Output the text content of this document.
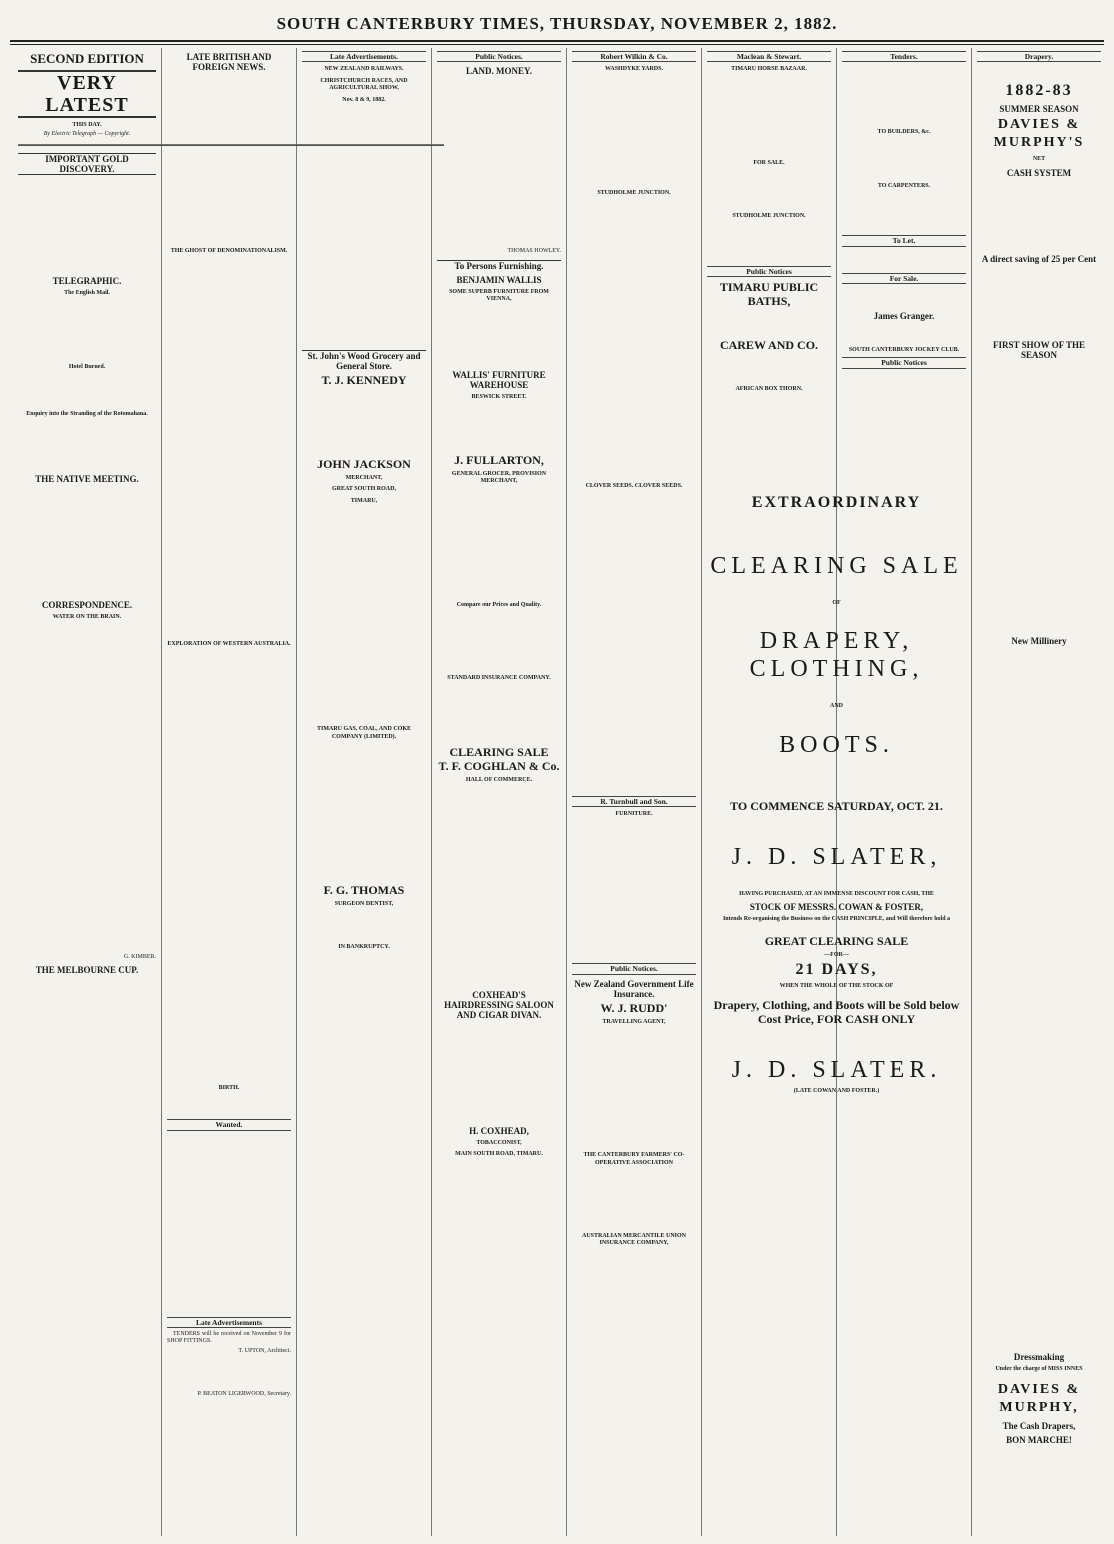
SOUTH CANTERBURY TIMES, THURSDAY, NOVEMBER 2, 1882.
SECOND EDITION
VERY LATEST
THIS DAY.
By Electric Telegraph — Copyright.
▬▬▬▬▬▬▬▬▬▬▬▬▬▬▬▬▬▬▬▬▬▬▬▬▬▬▬▬▬▬▬▬▬▬▬▬▬▬▬▬▬▬▬▬▬▬▬▬▬▬▬▬▬▬▬▬▬▬▬▬▬▬▬▬▬▬▬▬▬▬▬
IMPORTANT GOLD DISCOVERY.
TELEGRAPHIC.
The English Mail.
Hotel Burned.
Enquiry into the Stranding of the Rotomahana.
THE NATIVE MEETING.
CORRESPONDENCE.
WATER ON THE BRAIN.
G. KIMBER.
THE MELBOURNE CUP.
LATE BRITISH AND FOREIGN NEWS.
THE GHOST OF DENOMINATIONALISM.
EXPLORATION OF WESTERN AUSTRALIA.
BIRTH.
Wanted.
Late Advertisements

TENDERS will be received on November 9 for SHOP FITTINGS.

T. UPTON, Architect.
P. BEATON LIGERWOOD, Secretary.
Late Advertisements.
NEW ZEALAND RAILWAYS.
CHRISTCHURCH RACES, AND AGRICULTURAL SHOW,
Nov. 8 & 9, 1882.
St. John's Wood Grocery and General Store.
T. J. KENNEDY
JOHN JACKSON
MERCHANT,
GREAT SOUTH ROAD,
TIMARU,
TIMARU GAS, COAL, AND COKE COMPANY (LIMITED).
F. G. THOMAS
SURGEON DENTIST,
IN BANKRUPTCY.
Public Notices.
LAND. MONEY.
THOMAS HOWLEY.
To Persons Furnishing.
BENJAMIN WALLIS
SOME SUPERB FURNITURE FROM VIENNA,
WALLIS' FURNITURE WAREHOUSE
BESWICK STREET.
J. FULLARTON,
GENERAL GROCER, PROVISION MERCHANT,
Compare our Prices and Quality.
STANDARD INSURANCE COMPANY.
CLEARING SALE
T. F. COGHLAN & Co.
HALL OF COMMERCE.
COXHEAD'S HAIRDRESSING SALOON AND CIGAR DIVAN.
H. COXHEAD,
TOBACCONIST,
MAIN SOUTH ROAD, TIMARU.
Robert Wilkin & Co.
WASHDYKE YARDS.
STUDHOLME JUNCTION.
CLOVER SEEDS. CLOVER SEEDS.
R. Turnbull and Son.
FURNITURE.
Public Notices.
New Zealand Government Life Insurance.
W. J. RUDD'
TRAVELLING AGENT,
THE CANTERBURY FARMERS' CO-OPERATIVE ASSOCIATION
AUSTRALIAN MERCANTILE UNION INSURANCE COMPANY,
Maclean & Stewart.
TIMARU HORSE BAZAAR.
FOR SALE.
STUDHOLME JUNCTION.
Public Notices
TIMARU PUBLIC BATHS,
CAREW AND CO.
AFRICAN BOX THORN.
Tenders.
TO BUILDERS, &c.
TO CARPENTERS.
To Let.
For Sale.
James Granger.
SOUTH CANTERBURY JOCKEY CLUB.
Public Notices
EXTRAORDINARY
CLEARING SALE
OF
DRAPERY, CLOTHING,
AND
BOOTS.
TO COMMENCE SATURDAY, OCT. 21.
J. D. SLATER,
HAVING PURCHASED, AT AN IMMENSE DISCOUNT FOR CASH, THE
STOCK OF MESSRS. COWAN & FOSTER,
Intends Re-organising the Business on the CASH PRINCIPLE, and Will therefore hold a
GREAT CLEARING SALE
—FOR—
21 DAYS,
WHEN THE WHOLE OF THE STOCK OF
Drapery, Clothing, and Boots will be Sold below Cost Price, FOR CASH ONLY
J. D. SLATER.
(LATE COWAN AND FOSTER.)
Drapery.
1882-83
SUMMER SEASON
DAVIES & MURPHY'S
NET
CASH SYSTEM
A direct saving of 25 per Cent
FIRST SHOW OF THE SEASON
New Millinery
Dressmaking
Under the charge of MISS INNES
DAVIES & MURPHY,
The Cash Drapers,
BON MARCHE!
